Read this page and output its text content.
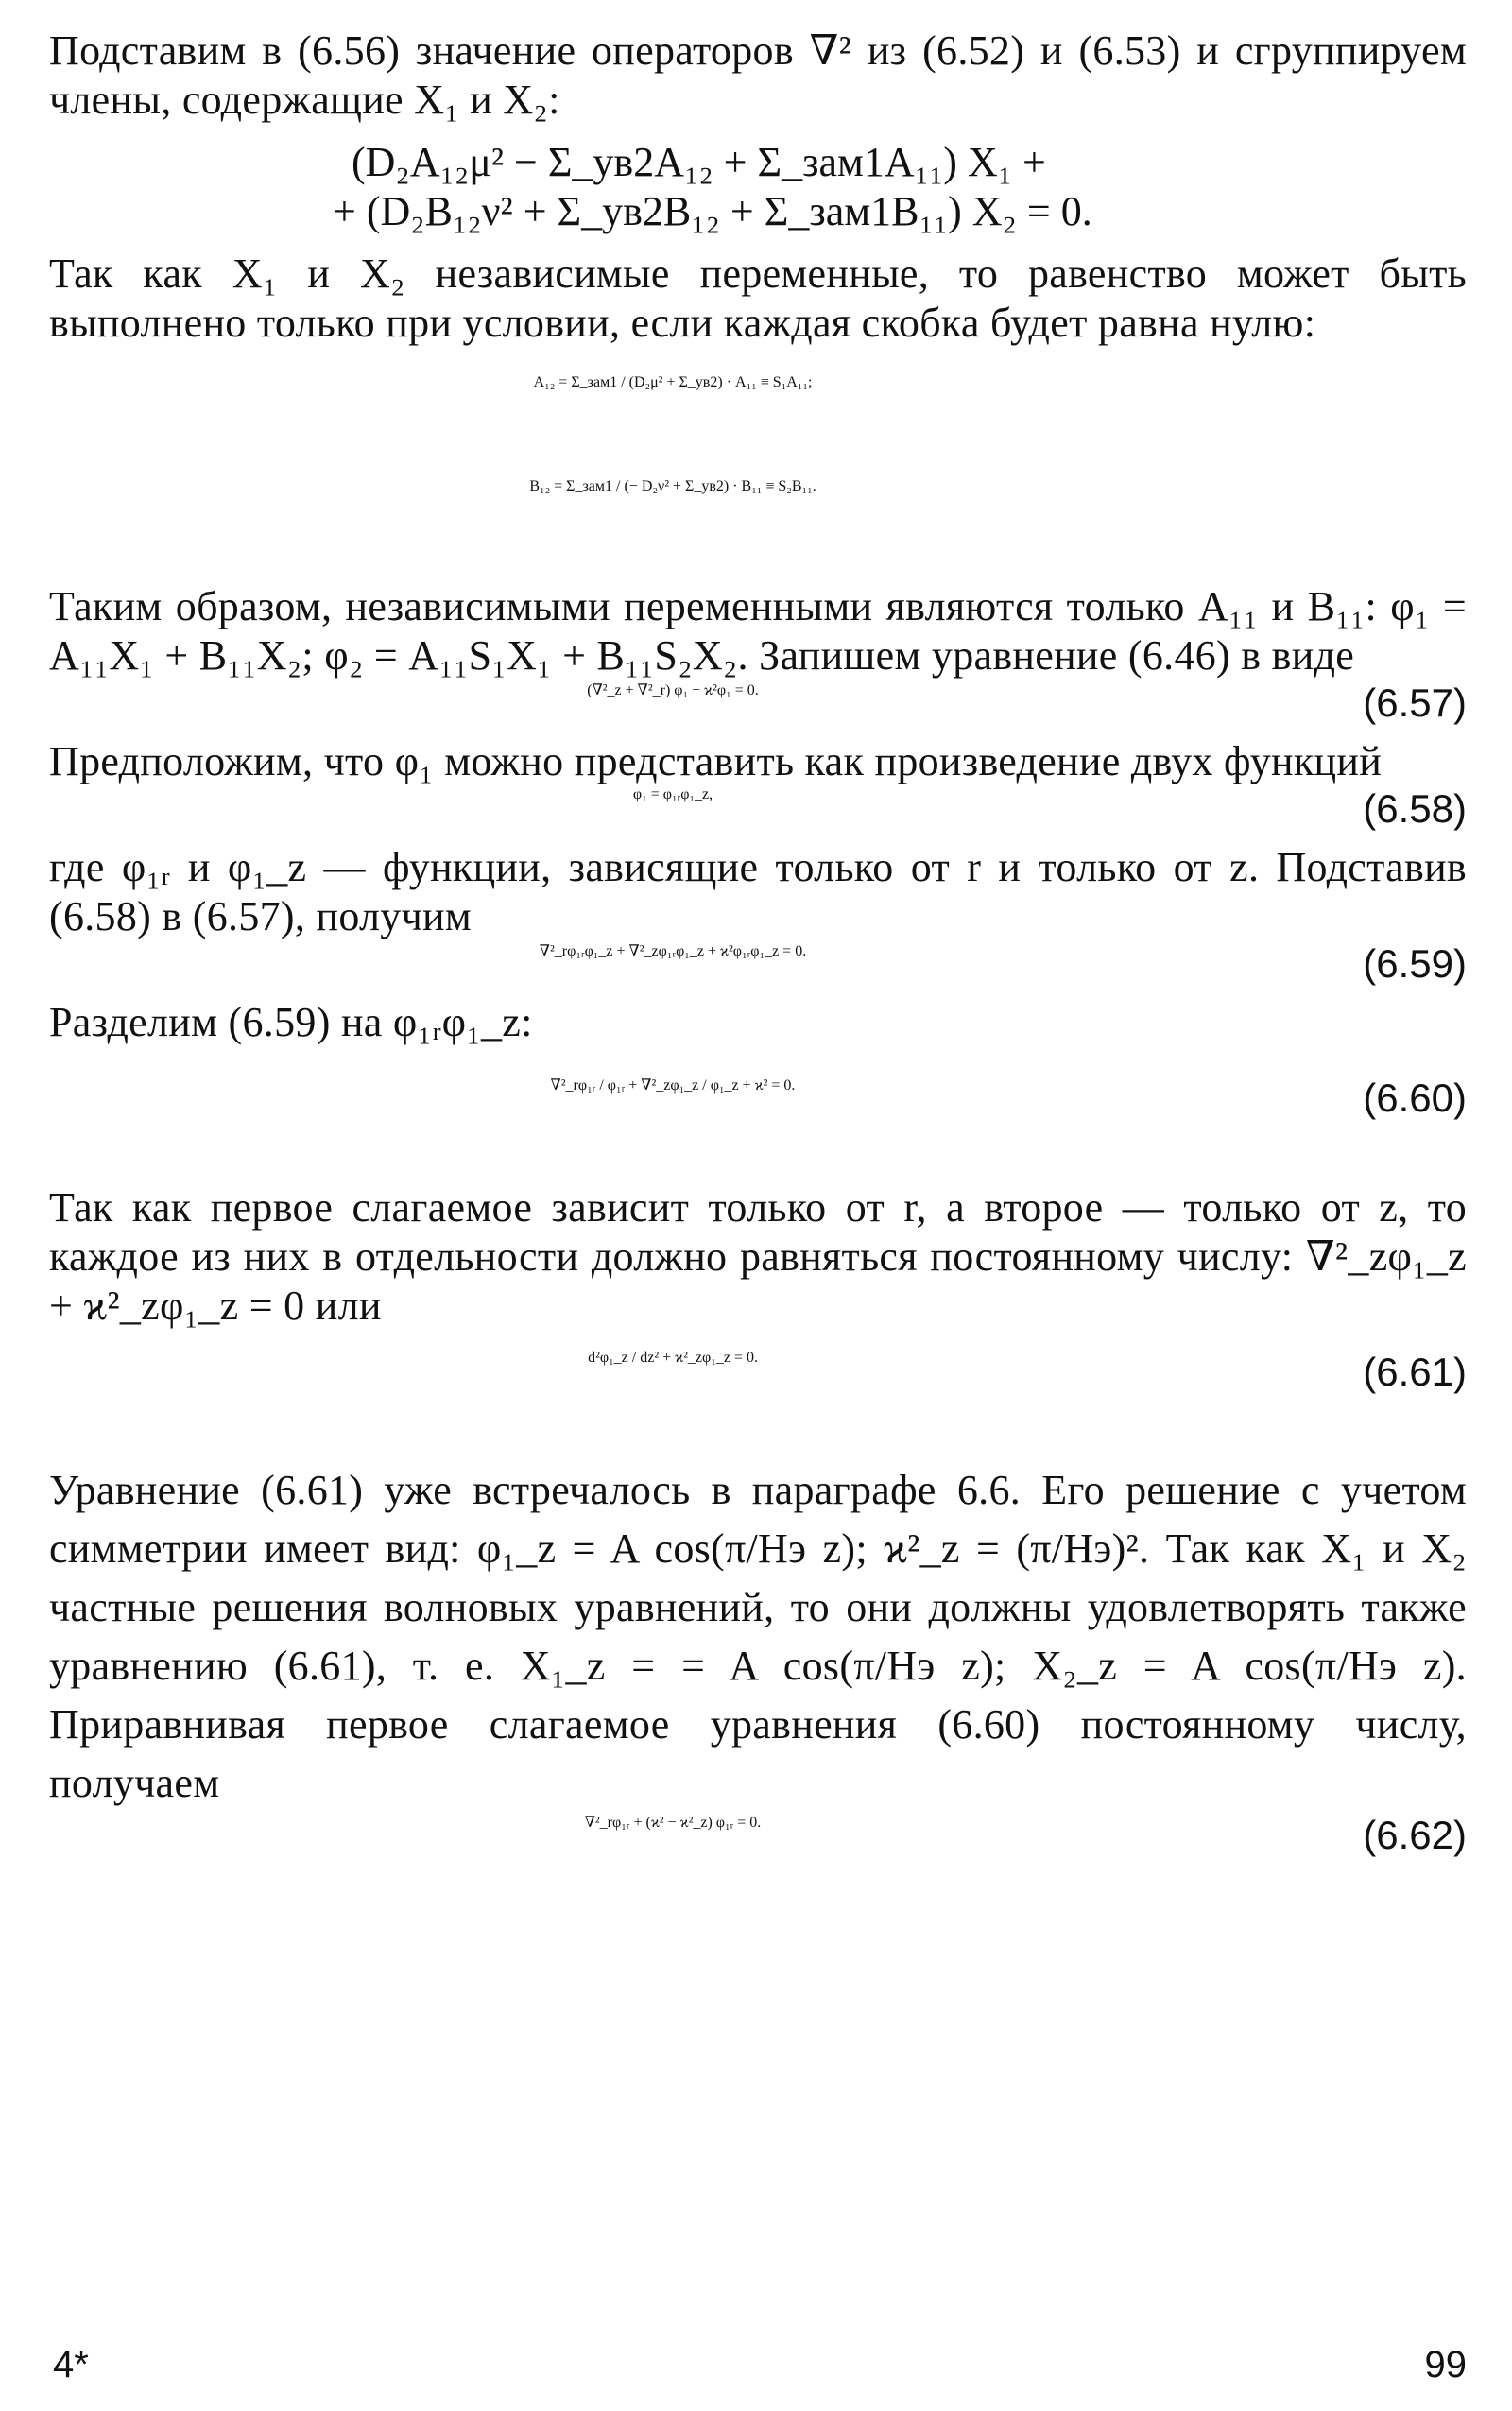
Подставим в (6.56) значение операторов ∇² из (6.52) и (6.53) и сгруппируем члены, содержащие X₁ и X₂:

(D₂A₁₂μ² − Σ_ув2A₁₂ + Σ_зам1A₁₁) X₁ +
+ (D₂B₁₂ν² + Σ_ув2B₁₂ + Σ_зам1B₁₁) X₂ = 0.

Так как X₁ и X₂ независимые переменные, то равенство может быть выполнено только при условии, если каждая скобка будет равна нулю:

A₁₂ = Σ_зам1 / (D₂μ² + Σ_ув2) · A₁₁ ≡ S₁A₁₁;
B₁₂ = Σ_зам1 / (− D₂ν² + Σ_ув2) · B₁₁ ≡ S₂B₁₁.

Таким образом, независимыми переменными являются только A₁₁ и B₁₁: φ₁ = A₁₁X₁ + B₁₁X₂; φ₂ = A₁₁S₁X₁ + B₁₁S₂X₂. Запишем уравнение (6.46) в виде

(∇²_z + ∇²_r) φ₁ + ϰ²φ₁ = 0.	(6.57)

Предположим, что φ₁ можно представить как произведение двух функций

φ₁ = φ₁ᵣφ₁_z,	(6.58)

где φ₁ᵣ и φ₁_z — функции, зависящие только от r и только от z. Подставив (6.58) в (6.57), получим

∇²_rφ₁ᵣφ₁_z + ∇²_zφ₁ᵣφ₁_z + ϰ²φ₁ᵣφ₁_z = 0.	(6.59)

Разделим (6.59) на φ₁ᵣφ₁_z:

∇²_rφ₁ᵣ / φ₁ᵣ + ∇²_zφ₁_z / φ₁_z + ϰ² = 0.	(6.60)

Так как первое слагаемое зависит только от r, а второе — только от z, то каждое из них в отдельности должно равняться постоянному числу: ∇²_zφ₁_z + ϰ²_zφ₁_z = 0 или

d²φ₁_z / dz² + ϰ²_zφ₁_z = 0.	(6.61)

Уравнение (6.61) уже встречалось в параграфе 6.6. Его решение с учетом симметрии имеет вид: φ₁_z = A cos(π/Hэ z); ϰ²_z = (π/Hэ)². Так как X₁ и X₂ частные решения волновых уравнений, то они должны удовлетворять также уравнению (6.61), т. е. X₁_z = = A cos(π/Hэ z); X₂_z = A cos(π/Hэ z). Приравнивая первое слагаемое уравнения (6.60) постоянному числу, получаем

∇²_rφ₁ᵣ + (ϰ² − ϰ²_z) φ₁ᵣ = 0.	(6.62)
4*	99
